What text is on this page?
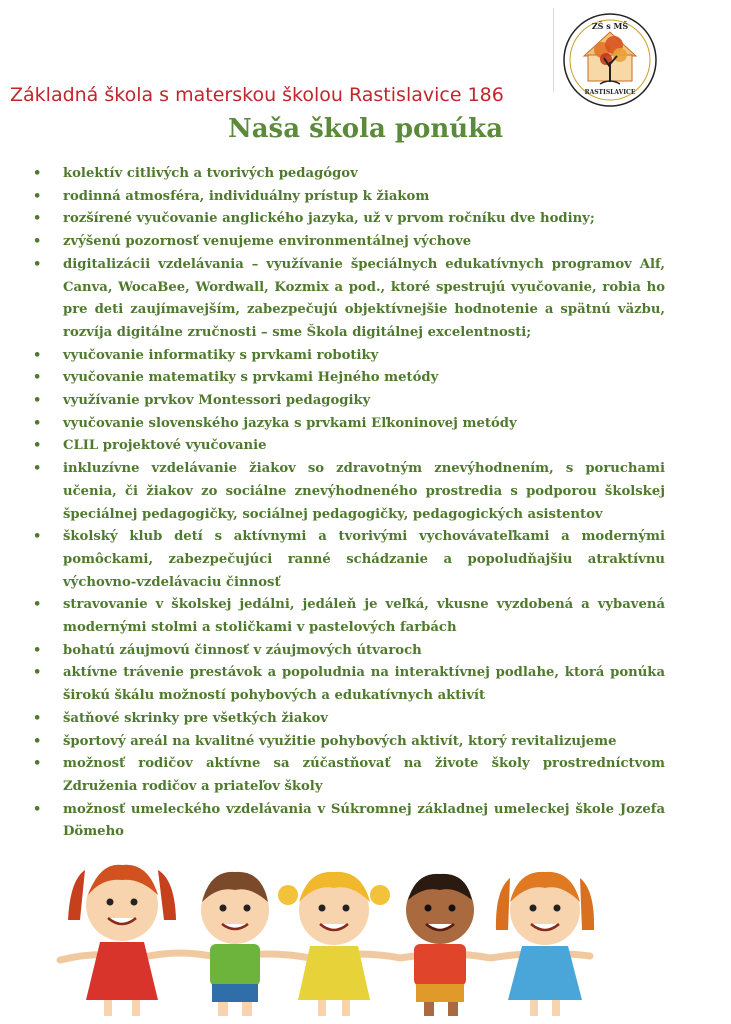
Základná škola s materskou školou Rastislavice 186
ZŠ s MŠ
RASTISLAVICE
Naša škola ponúka
• kolektív citlivých a tvorivých pedagógov
• rodinná atmosféra, individuálny prístup k žiakom
• rozšírené vyučovanie anglického jazyka, už v prvom ročníku dve hodiny;
• zvýšenú pozornosť venujeme environmentálnej výchove
• digitalizácii vzdelávania – využívanie špeciálnych edukatívnych programov Alf, Canva, WocaBee, Wordwall, Kozmix a pod., ktoré spestrujú vyučovanie, robia ho pre deti zaujímavejším, zabezpečujú objektívnejšie hodnotenie a spätnú väzbu, rozvíja digitálne zručnosti – sme Škola digitálnej excelentnosti;
• vyučovanie informatiky s prvkami robotiky
• vyučovanie matematiky s prvkami Hejného metódy
• využívanie prvkov Montessori pedagogiky
• vyučovanie slovenského jazyka s prvkami Eľkoninovej metódy
• CLIL projektové vyučovanie
• inkluzívne vzdelávanie žiakov so zdravotným znevýhodnením, s poruchami učenia, či žiakov zo sociálne znevýhodneného prostredia s podporou školskej špeciálnej pedagogičky, sociálnej pedagogičky, pedagogických asistentov
• školský klub detí s aktívnymi a tvorivými vychovávateľkami a modernými pomôckami, zabezpečujúci ranné schádzanie a popoludňajšiu atraktívnu výchovno-vzdelávaciu činnosť
• stravovanie v školskej jedálni, jedáleň je veľká, vkusne vyzdobená a vybavená modernými stolmi a stoličkami v pastelových farbách
• bohatú záujmovú činnosť v záujmových útvaroch
• aktívne trávenie prestávok a popoludnia na interaktívnej podlahe, ktorá ponúka širokú škálu možností pohybových a edukatívnych aktivít
• šatňové skrinky pre všetkých žiakov
• športový areál na kvalitné využitie pohybových aktivít, ktorý revitalizujeme
• možnosť rodičov aktívne sa zúčastňovať na živote školy prostredníctvom Združenia rodičov a priateľov školy
• možnosť umeleckého vzdelávania v Súkromnej základnej umeleckej škole Jozefa Dömeho
